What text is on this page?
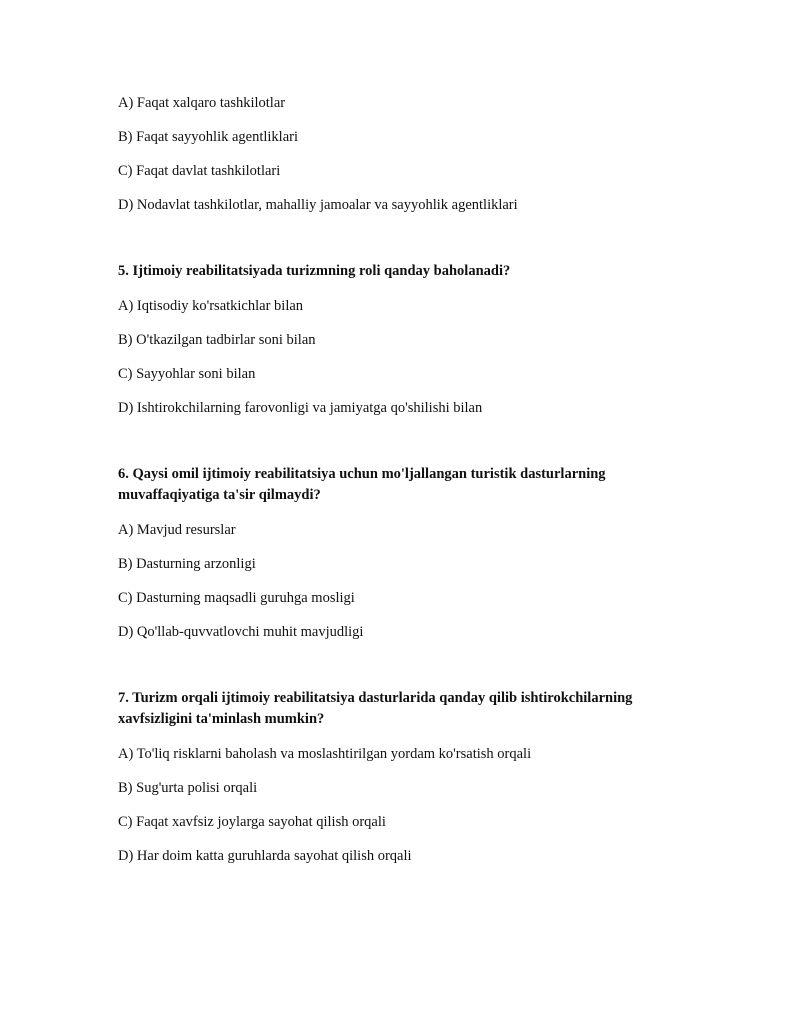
A) Faqat xalqaro tashkilotlar
B) Faqat sayyohlik agentliklari
C) Faqat davlat tashkilotlari
D) Nodavlat tashkilotlar, mahalliy jamoalar va sayyohlik agentliklari
5. Ijtimoiy reabilitatsiyada turizmning roli qanday baholanadi?
A) Iqtisodiy ko'rsatkichlar bilan
B) O'tkazilgan tadbirlar soni bilan
C) Sayyohlar soni bilan
D) Ishtirokchilarning farovonligi va jamiyatga qo'shilishi bilan
6. Qaysi omil ijtimoiy reabilitatsiya uchun mo'ljallangan turistik dasturlarning muvaffaqiyatiga ta'sir qilmaydi?
A) Mavjud resurslar
B) Dasturning arzonligi
C) Dasturning maqsadli guruhga mosligi
D) Qo'llab-quvvatlovchi muhit mavjudligi
7. Turizm orqali ijtimoiy reabilitatsiya dasturlarida qanday qilib ishtirokchilarning xavfsizligini ta'minlash mumkin?
A) To'liq risklarni baholash va moslashtirilgan yordam ko'rsatish orqali
B) Sug'urta polisi orqali
C) Faqat xavfsiz joylarga sayohat qilish orqali
D) Har doim katta guruhlarda sayohat qilish orqali
